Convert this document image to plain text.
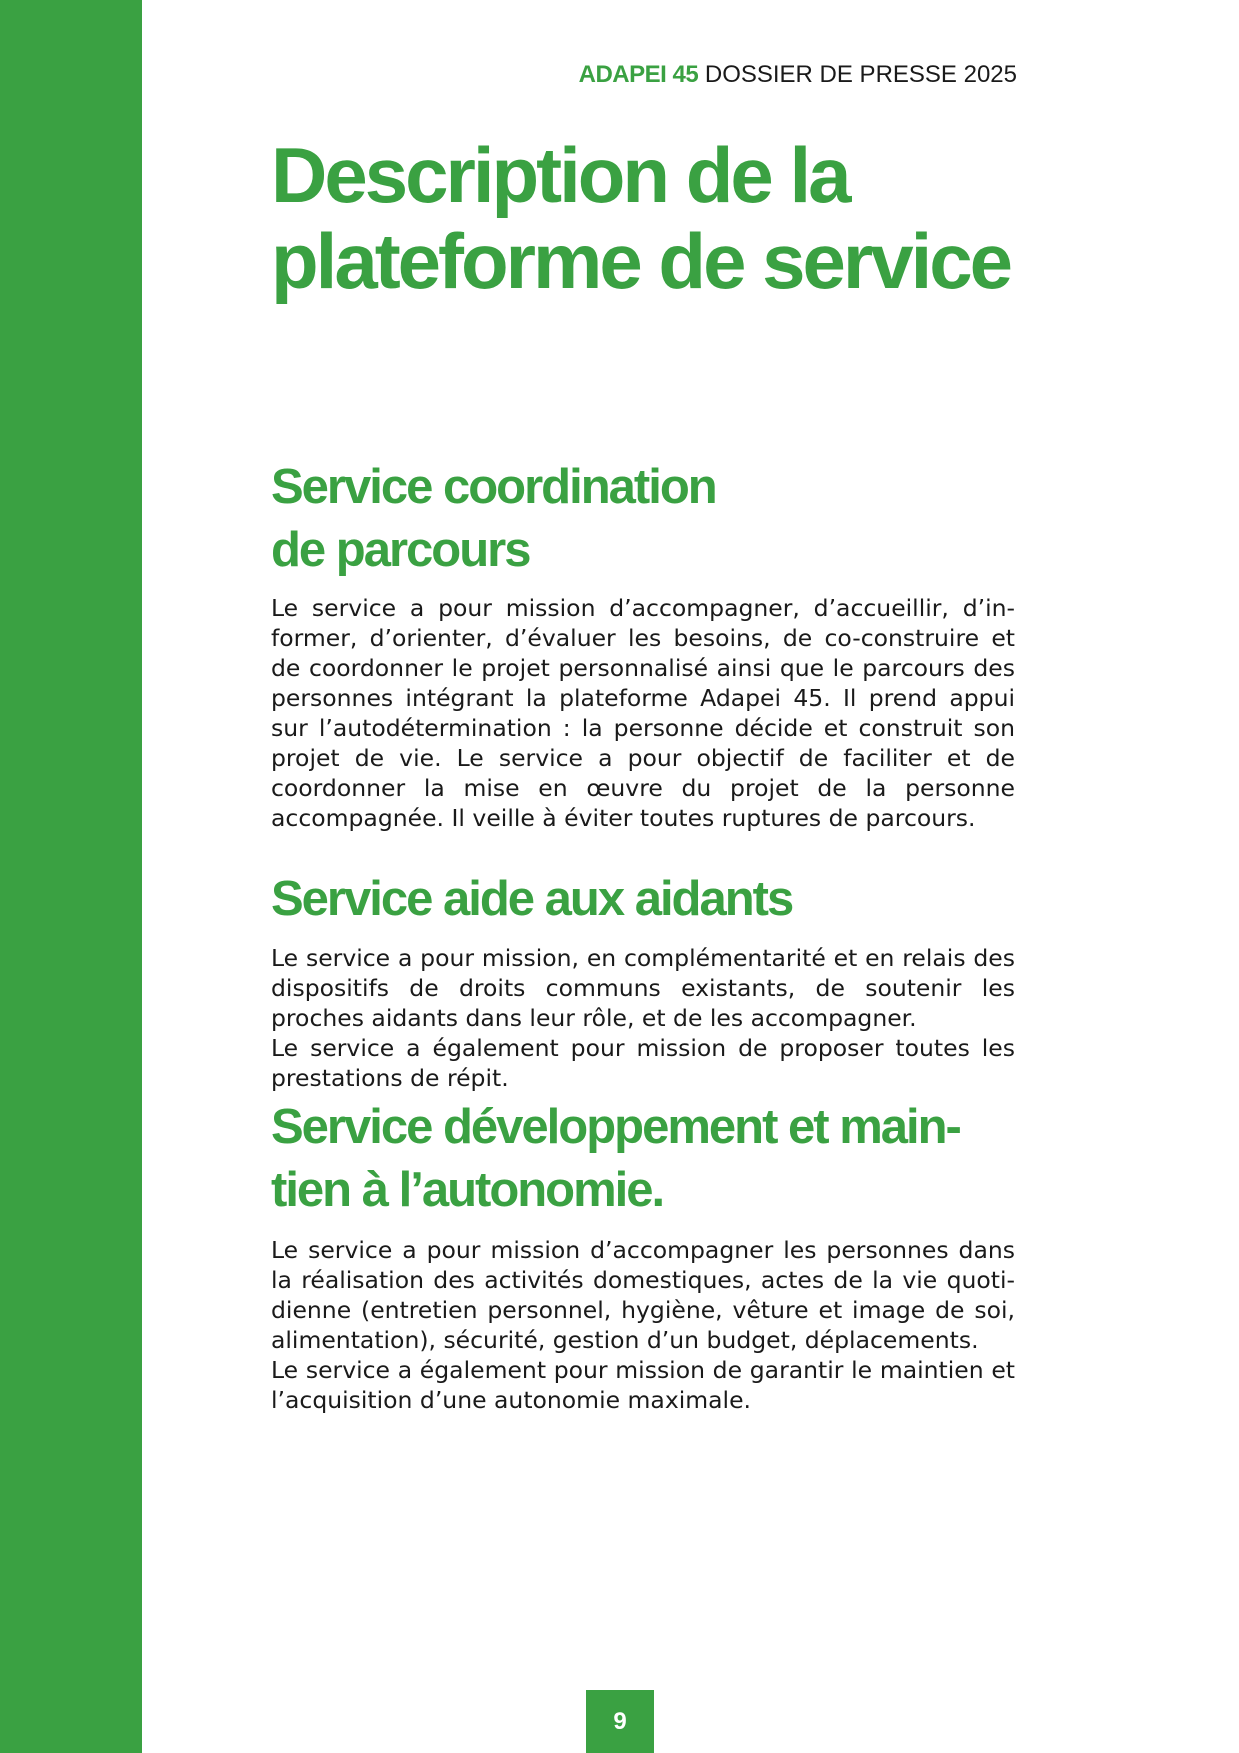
ADAPEI 45 DOSSIER DE PRESSE 2025
Description de la plateforme de service
Service coordination
de parcours

Le service a pour mission d’accompagner, d’accueillir, d’informer, d’orienter, d’évaluer les besoins, de co-construire et de coordonner le projet personnalisé ainsi que le parcours des personnes intégrant la plateforme Adapei 45. Il prend appui sur l’autodétermination : la personne décide et construit son projet de vie. Le service a pour objectif de faciliter et de coordonner la mise en œuvre du projet de la personne accompagnée. Il veille à éviter toutes ruptures de parcours.

Service aide aux aidants

Le service a pour mission, en complémentarité et en relais des dispositifs de droits communs existants, de soutenir les proches aidants dans leur rôle, et de les accompagner.

Le service a également pour mission de proposer toutes les prestations de répit.

Service développement et main-
tien à l’autonomie.

Le service a pour mission d’accompagner les personnes dans la réalisation des activités domestiques, actes de la vie quotidienne (entretien personnel, hygiène, vêture et image de soi, alimentation), sécurité, gestion d’un budget, déplacements.

Le service a également pour mission de garantir le maintien et l’acquisition d’une autonomie maximale.

9
